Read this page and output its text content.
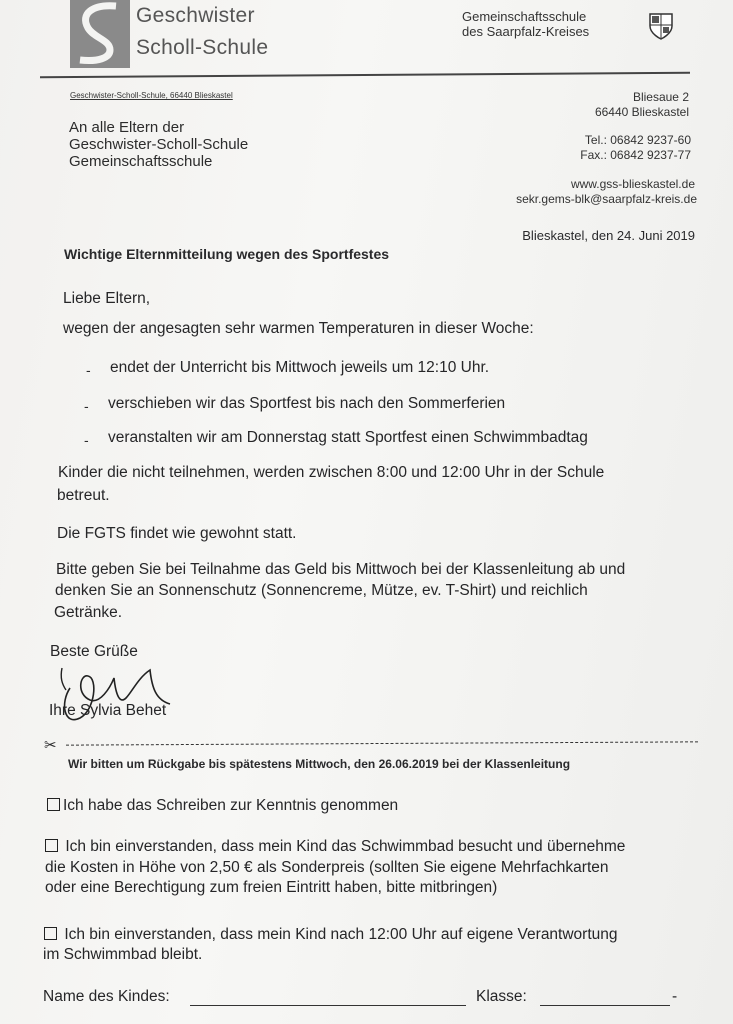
Geschwister
Scholl-Schule
Gemeinschaftsschule
des Saarpfalz-Kreises
Geschwister-Scholl-Schule, 66440 Blieskastel
An alle Eltern der
Geschwister-Scholl-Schule
Gemeinschaftsschule
Bliesaue 2
66440 Blieskastel
Tel.: 06842 9237-60
Fax.: 06842 9237-77
www.gss-blieskastel.de
sekr.gems-blk@saarpfalz-kreis.de
Blieskastel, den 24. Juni 2019
Wichtige Elternmitteilung wegen des Sportfestes
Liebe Eltern,
wegen der angesagten sehr warmen Temperaturen in dieser Woche:
- endet der Unterricht bis Mittwoch jeweils um 12:10 Uhr.
- verschieben wir das Sportfest bis nach den Sommerferien
- veranstalten wir am Donnerstag statt Sportfest einen Schwimmbadtag
Kinder die nicht teilnehmen, werden zwischen 8:00 und 12:00 Uhr in der Schule
betreut.
Die FGTS findet wie gewohnt statt.
Bitte geben Sie bei Teilnahme das Geld bis Mittwoch bei der Klassenleitung ab und
denken Sie an Sonnenschutz (Sonnencreme, Mütze, ev. T-Shirt) und reichlich
Getränke.
Beste Grüße
Ihre Sylvia Behet
✂
Wir bitten um Rückgabe bis spätestens Mittwoch, den 26.06.2019 bei der Klassenleitung
Ich habe das Schreiben zur Kenntnis genommen
Ich bin einverstanden, dass mein Kind das Schwimmbad besucht und übernehme
die Kosten in Höhe von 2,50 € als Sonderpreis (sollten Sie eigene Mehrfachkarten
oder eine Berechtigung zum freien Eintritt haben, bitte mitbringen)
Ich bin einverstanden, dass mein Kind nach 12:00 Uhr auf eigene Verantwortung
im Schwimmbad bleibt.
Name des Kindes:	Klasse:	-
